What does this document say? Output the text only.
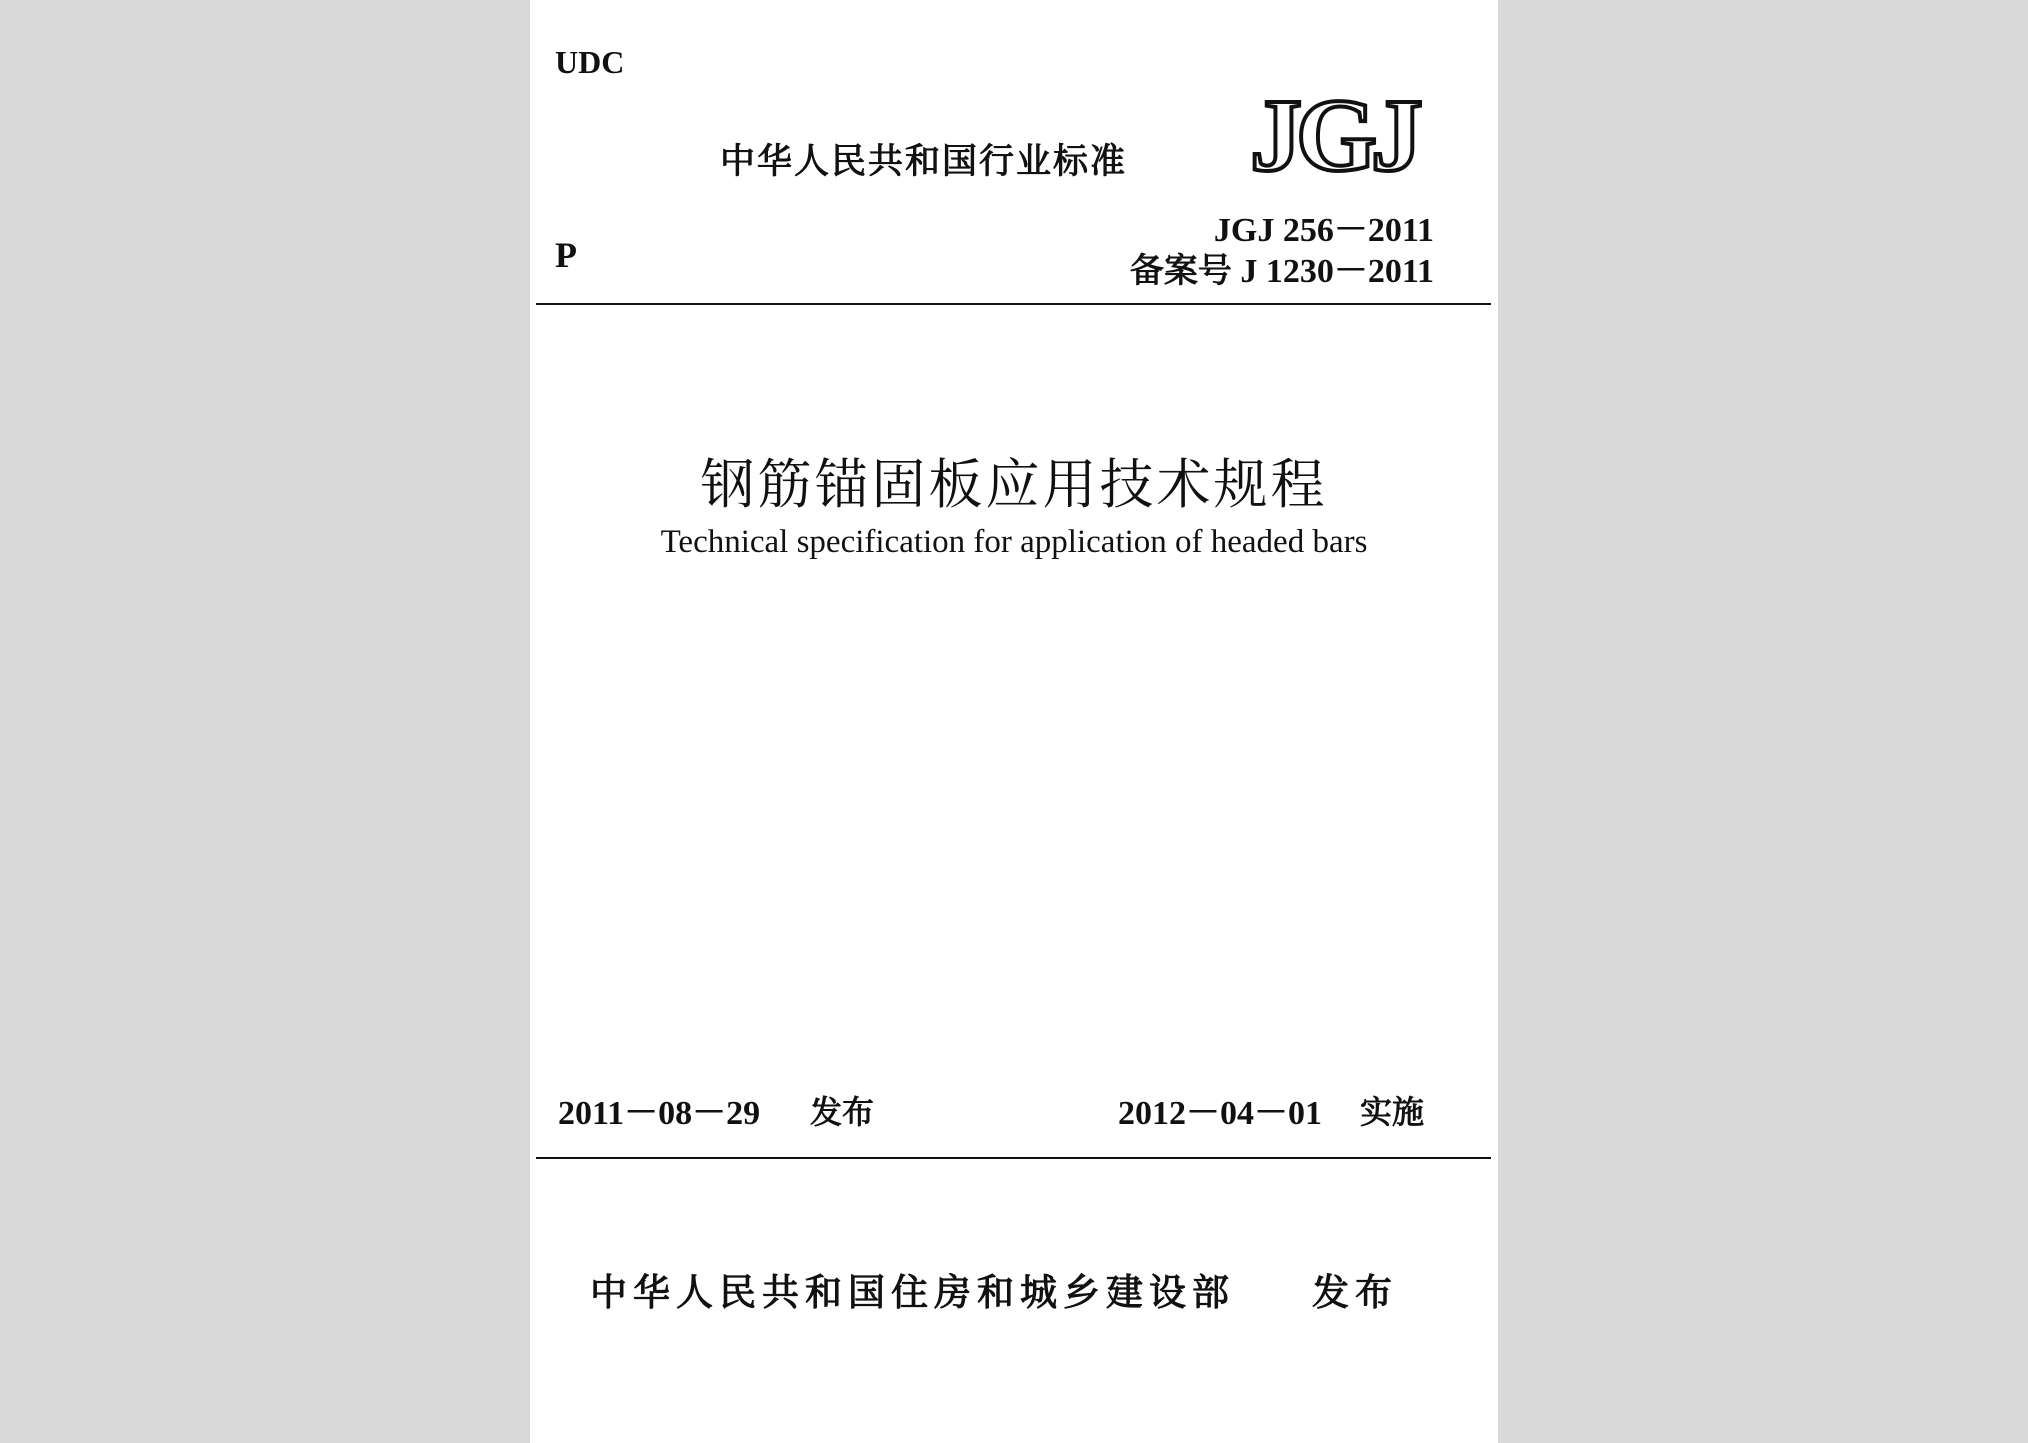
UDC
中华人民共和国行业标准 JGJ
P
JGJ 256－2011
备案号 J 1230－2011
钢筋锚固板应用技术规程
Technical specification for application of headed bars
2011－08－29 发布	2012－04－01 实施
中华人民共和国住房和城乡建设部 发布
